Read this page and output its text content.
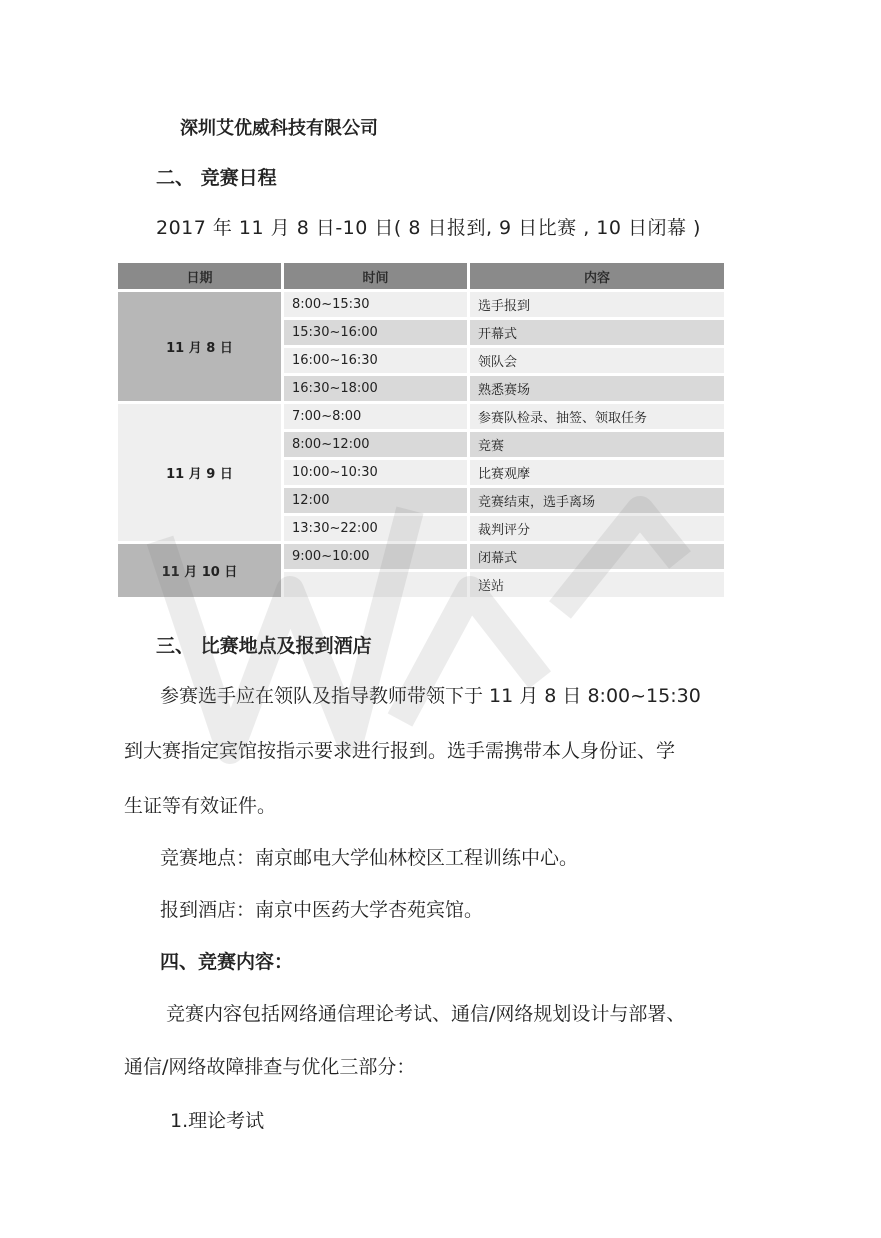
深圳艾优威科技有限公司
二、 竞赛日程
2017 年 11 月 8 日-10 日( 8 日报到, 9 日比赛 , 10 日闭幕 )
日期	时间	内容
11 月 8 日	8:00~15:30	选手报到
	15:30~16:00	开幕式
	16:00~16:30	领队会
	16:30~18:00	熟悉赛场
11 月 9 日	7:00~8:00	参赛队检录、抽签、领取任务
	8:00~12:00	竞赛
	10:00~10:30	比赛观摩
	12:00	竞赛结束，选手离场
	13:30~22:00	裁判评分
11 月 10 日	9:00~10:00	闭幕式
		送站
三、 比赛地点及报到酒店
参赛选手应在领队及指导教师带领下于 11 月 8 日 8:00~15:30
到大赛指定宾馆按指示要求进行报到。选手需携带本人身份证、学
生证等有效证件。
竞赛地点：南京邮电大学仙林校区工程训练中心。
报到酒店：南京中医药大学杏苑宾馆。
四、竞赛内容：
竞赛内容包括网络通信理论考试、通信/网络规划设计与部署、
通信/网络故障排查与优化三部分：
1.理论考试
